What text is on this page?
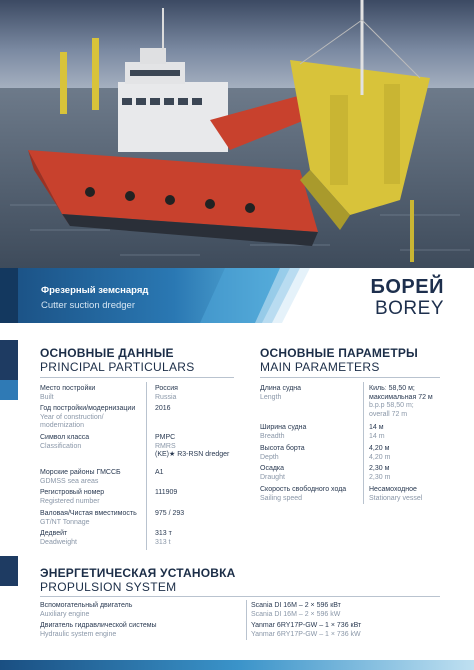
Фрезерный земснаряд
Cutter suction dredger
БОРЕЙ
BOREY
ОСНОВНЫЕ ДАННЫЕ
PRINCIPAL PARTICULARS
Место постройки
Built
Россия
Russia
Год постройки/модернизации
Year of construction/
modernization
2016
Символ класса
Classification
PMPC
RMRS
(KE)★ R3-RSN dredger
Морские районы ГМССБ
GDMSS sea areas
A1
Регистровый номер
Registered number
111909
Валовая/Чистая вместимость
GT/NT Tonnage
975 / 293
Дедвейт
Deadweight
313 т
313 t
ОСНОВНЫЕ ПАРАМЕТРЫ
MAIN PARAMETERS
Длина судна
Length
Кильː 58,50 м;
максимальная 72 м
b.p.p 58,50 m;
overall 72 m
Ширина судна
Breadth
14 м
14 m
Высота борта
Depth
4,20 м
4,20 m
Осадка
Draught
2,30 м
2,30 m
Скорость свободного хода
Sailing speed
Несамоходное
Stationary vessel
ЭНЕРГЕТИЧЕСКАЯ УСТАНОВКА
PROPULSION SYSTEM
Вспомогательный двигатель
Auxiliary engine
Scania DI 16M – 2 × 596 кВт
Scania DI 16M – 2 × 596 kW
Двигатель гидравлической системы
Hydraulic system engine
Yanmar 6RY17P-GW – 1 × 736 кВт
Yanmar 6RY17P-GW – 1 × 736 kW
